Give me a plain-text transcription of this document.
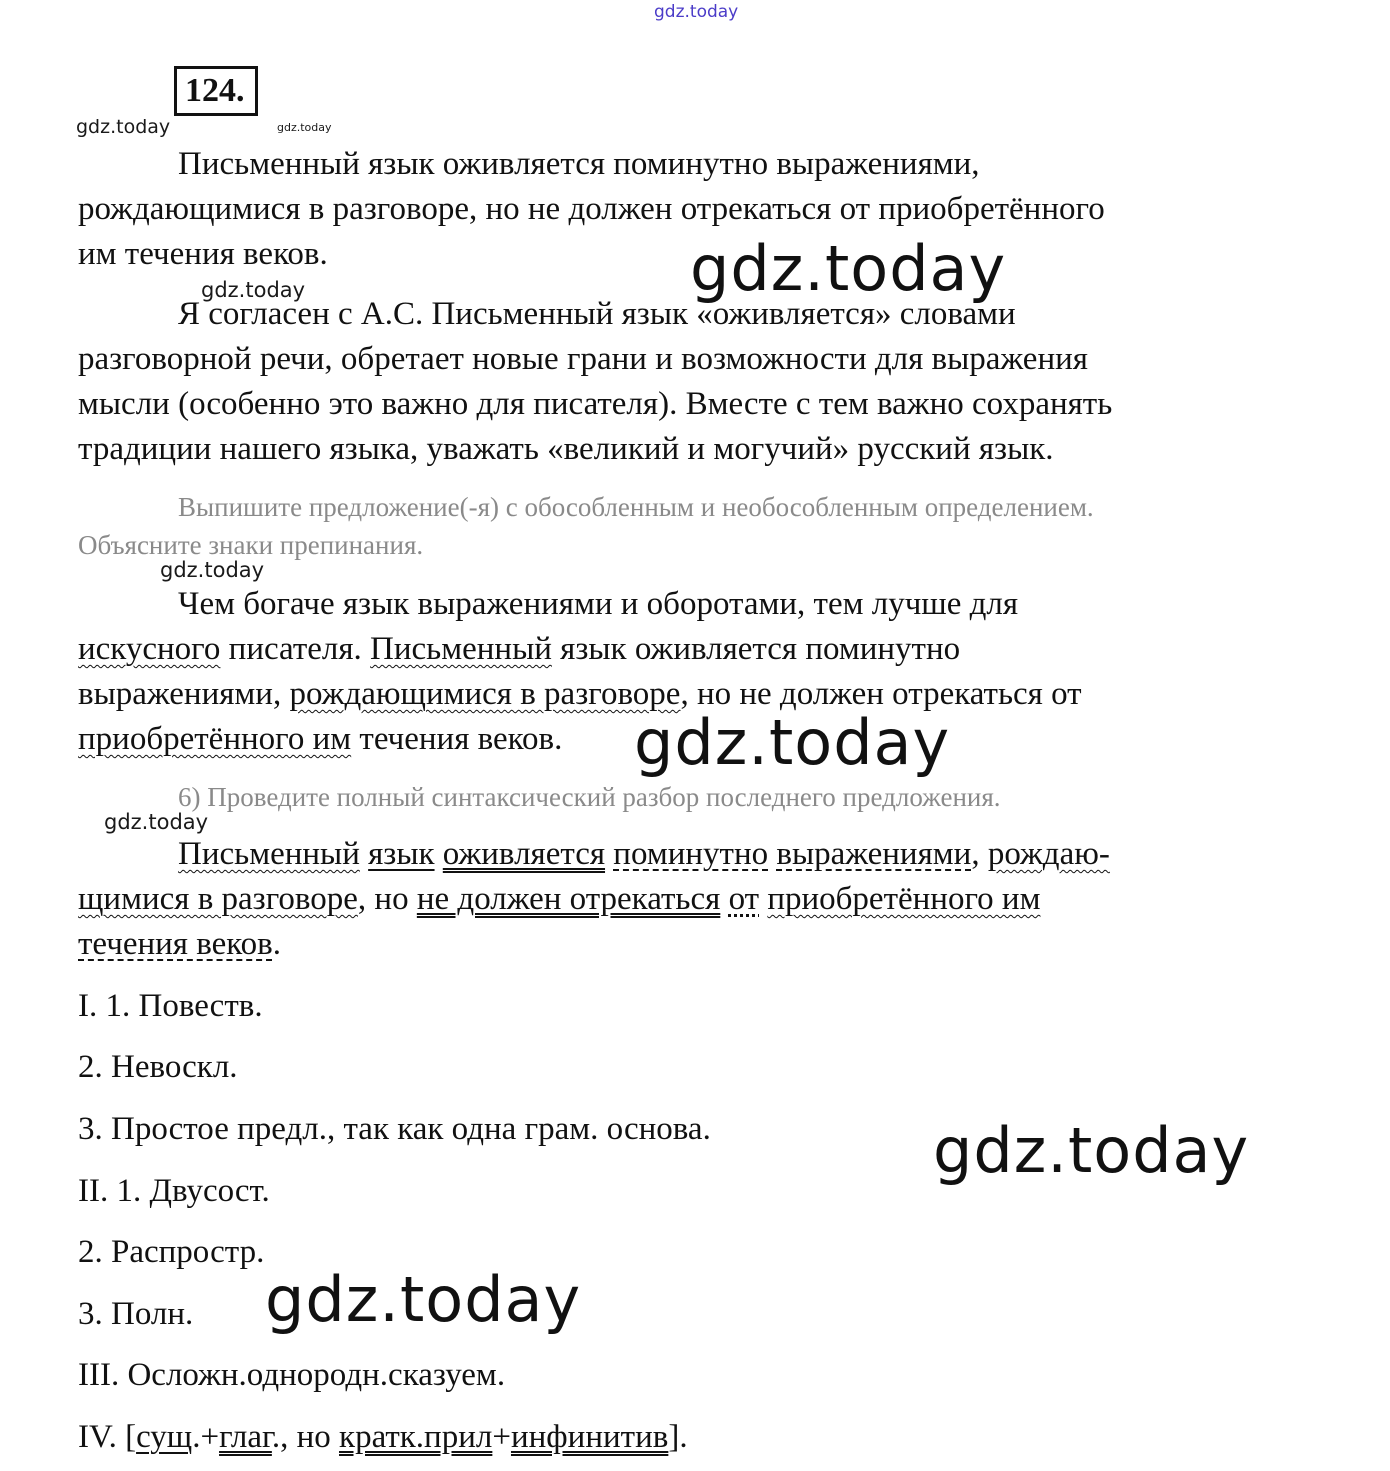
gdz.today
gdz.today	gdz.today
gdz.today
gdz.today
gdz.today
124.
Письменный язык оживляется поминутно выражениями,
рождающимися в разговоре, но не должен отрекаться от приобретённого
им течения веков.
Я согласен с А.С. Письменный язык «оживляется» словами
разговорной речи, обретает новые грани и возможности для выражения
мысли (особенно это важно для писателя). Вместе с тем важно сохранять
традиции нашего языка, уважать «великий и могучий» русский язык.
Выпишите предложение(-я) с обособленным и необособленным определением.
Объясните знаки препинания.
Чем богаче язык выражениями и оборотами, тем лучше для
искусного писателя. Письменный язык оживляется поминутно
выражениями, рождающимися в разговоре, но не должен отрекаться от
приобретённого им течения веков.
6) Проведите полный синтаксический разбор последнего предложения.
Письменный язык оживляется поминутно выражениями, рождаю-
щимися в разговоре, но не должен отрекаться от приобретённого им
течения веков.
I. 1. Повеств.
2. Невоскл.
3. Простое предл., так как одна грам. основа.
II. 1. Двусост.
2. Распростр.
3. Полн.
III. Осложн.однородн.сказуем.
IV. [сущ.+глаг., но кратк.прил+инфинитив].
gdz.today
gdz.today
gdz.today
gdz.today
